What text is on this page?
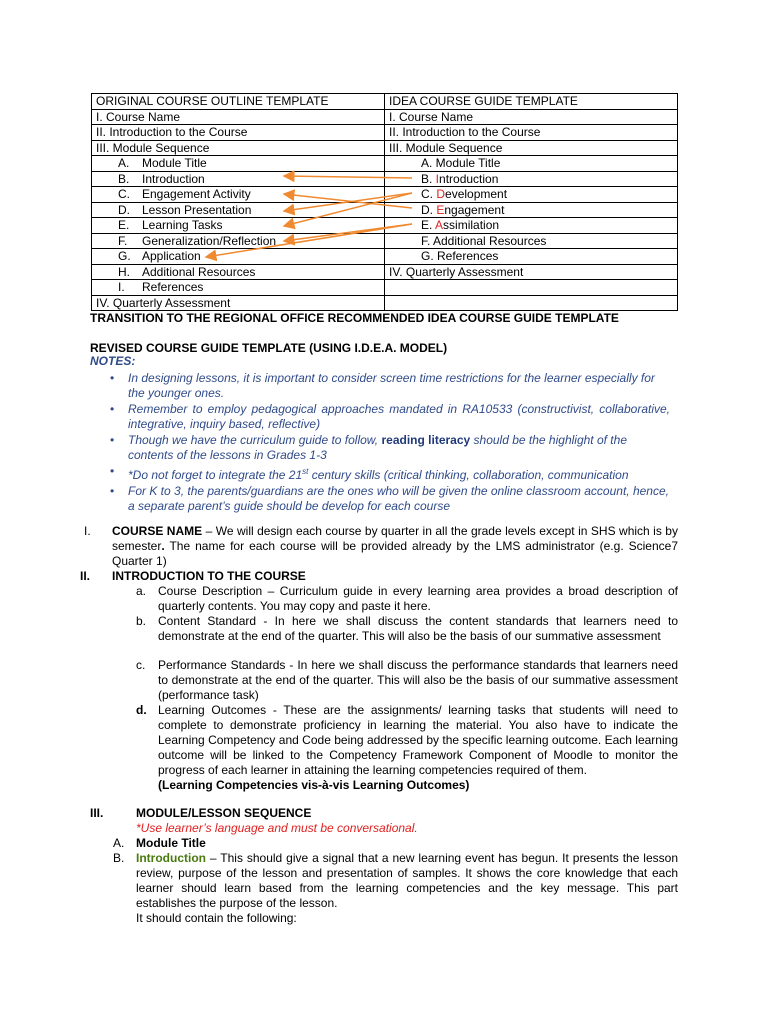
ORIGINAL COURSE OUTLINE TEMPLATE	IDEA COURSE GUIDE TEMPLATE
I. Course Name	I. Course Name
II. Introduction to the Course	II. Introduction to the Course
III. Module Sequence	III. Module Sequence
A. Module Title	A. Module Title
B. Introduction	B. Introduction
C. Engagement Activity	C. Development
D. Lesson Presentation	D. Engagement
E. Learning Tasks	E. Assimilation
F. Generalization/Reflection	F. Additional Resources
G. Application	G. References
H. Additional Resources	IV. Quarterly Assessment
I. References	
IV. Quarterly Assessment	
TRANSITION TO THE REGIONAL OFFICE RECOMMENDED IDEA COURSE GUIDE TEMPLATE
REVISED COURSE GUIDE TEMPLATE (USING I.D.E.A. MODEL)
NOTES:
• In designing lessons, it is important to consider screen time restrictions for the learner especially for the younger ones.
• Remember to employ pedagogical approaches mandated in RA10533 (constructivist, collaborative, integrative, inquiry based, reflective)
• Though we have the curriculum guide to follow, reading literacy should be the highlight of the contents of the lessons in Grades 1-3
• *Do not forget to integrate the 21st century skills (critical thinking, collaboration, communication
• For K to 3, the parents/guardians are the ones who will be given the online classroom account, hence, a separate parent’s guide should be develop for each course
I. COURSE NAME – We will design each course by quarter in all the grade levels except in SHS which is by semester. The name for each course will be provided already by the LMS administrator (e.g. Science7 Quarter 1)
II. INTRODUCTION TO THE COURSE
a. Course Description – Curriculum guide in every learning area provides a broad description of quarterly contents. You may copy and paste it here.
b. Content Standard - In here we shall discuss the content standards that learners need to demonstrate at the end of the quarter. This will also be the basis of our summative assessment
c. Performance Standards - In here we shall discuss the performance standards that learners need to demonstrate at the end of the quarter. This will also be the basis of our summative assessment (performance task)
d. Learning Outcomes - These are the assignments/ learning tasks that students will need to complete to demonstrate proficiency in learning the material. You also have to indicate the Learning Competency and Code being addressed by the specific learning outcome. Each learning outcome will be linked to the Competency Framework Component of Moodle to monitor the progress of each learner in attaining the learning competencies required of them.
(Learning Competencies vis-à-vis Learning Outcomes)
III.	MODULE/LESSON SEQUENCE
*Use learner’s language and must be conversational.
A. Module Title
B. Introduction – This should give a signal that a new learning event has begun. It presents the lesson review, purpose of the lesson and presentation of samples. It shows the core knowledge that each learner should learn based from the learning competencies and the key message. This part establishes the purpose of the lesson.
It should contain the following:
